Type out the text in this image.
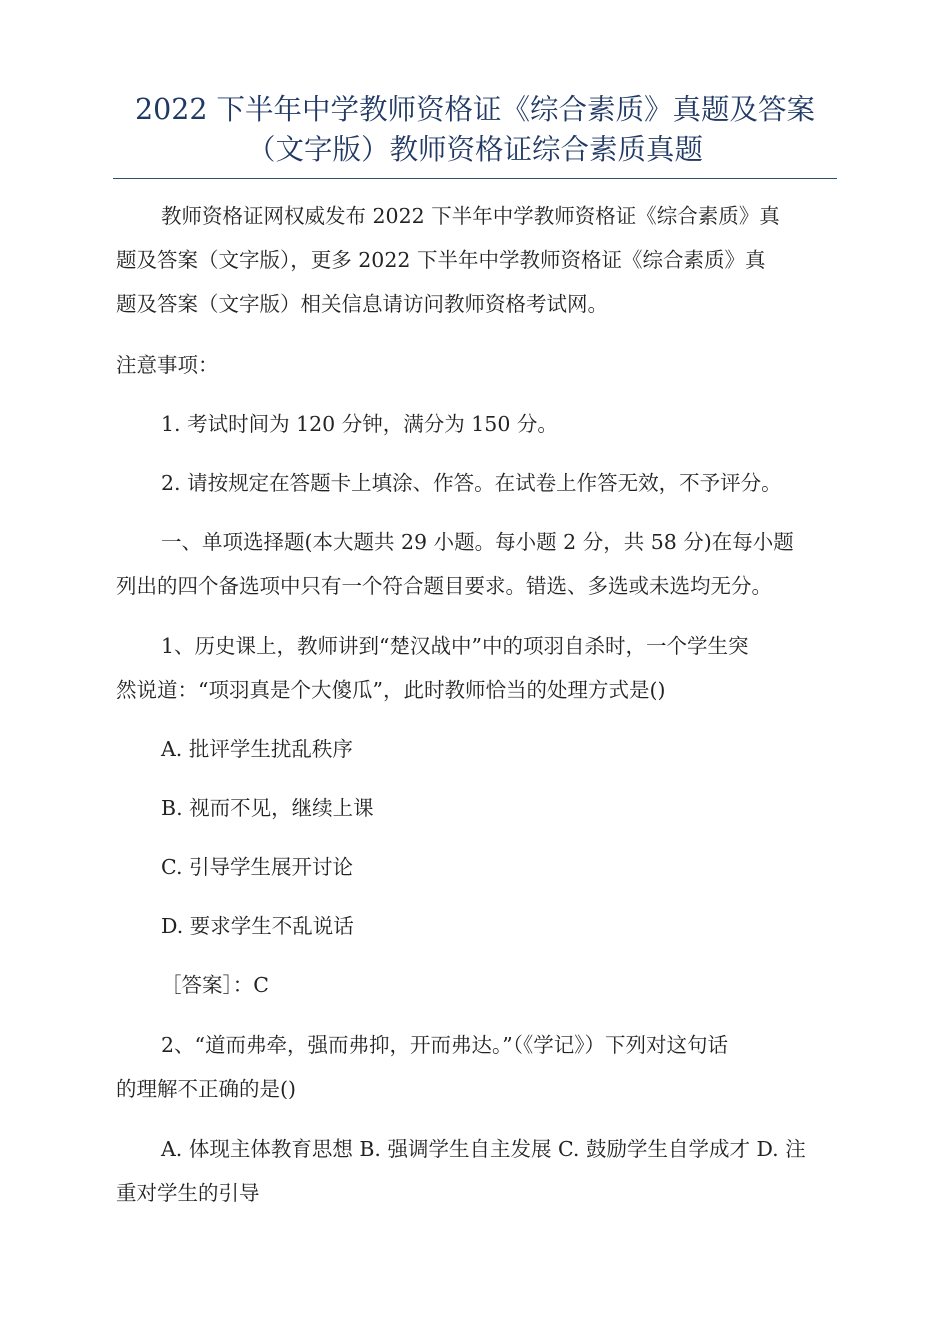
2022 下半年中学教师资格证《综合素质》真题及答案
（文字版）教师资格证综合素质真题

教师资格证网权威发布 2022 下半年中学教师资格证《综合素质》真

题及答案（文字版），更多 2022 下半年中学教师资格证《综合素质》真

题及答案（文字版）相关信息请访问教师资格考试网。

注意事项：

1. 考试时间为 120 分钟，满分为 150 分。

2. 请按规定在答题卡上填涂、作答。在试卷上作答无效，不予评分。

一、单项选择题(本大题共 29 小题。每小题 2 分，共 58 分)在每小题

列出的四个备选项中只有一个符合题目要求。错选、多选或未选均无分。

1、历史课上，教师讲到“楚汉战中”中的项羽自杀时，一个学生突

然说道：“项羽真是个大傻瓜”，此时教师恰当的处理方式是()

A. 批评学生扰乱秩序

B. 视而不见，继续上课

C. 引导学生展开讨论

D. 要求学生不乱说话

［答案］：C

2、“道而弗牵，强而弗抑，开而弗达。”（《学记》）下列对这句话

的理解不正确的是()

A. 体现主体教育思想 B. 强调学生自主发展 C. 鼓励学生自学成才 D. 注

重对学生的引导
